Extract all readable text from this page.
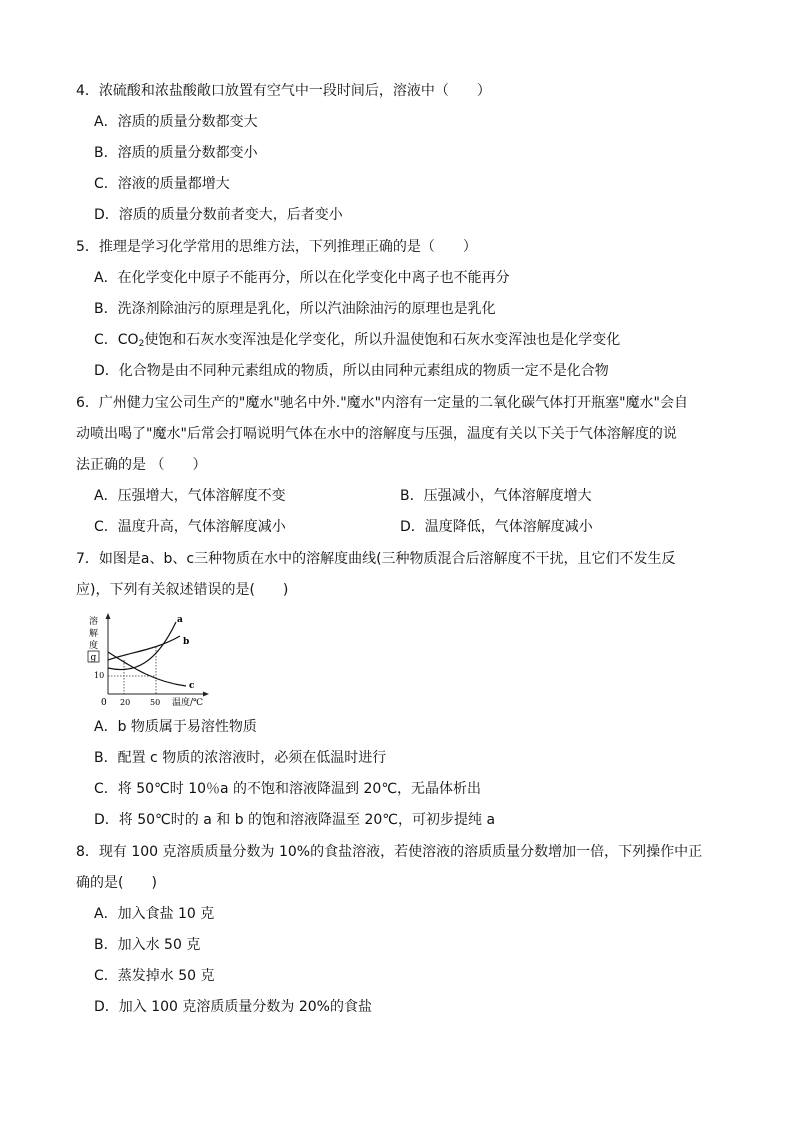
4．浓硫酸和浓盐酸敞口放置有空气中一段时间后，溶液中（　　）
A．溶质的质量分数都变大
B．溶质的质量分数都变小
C．溶液的质量都增大
D．溶质的质量分数前者变大，后者变小
5．推理是学习化学常用的思维方法，下列推理正确的是（　　）
A．在化学变化中原子不能再分，所以在化学变化中离子也不能再分
B．洗涤剂除油污的原理是乳化，所以汽油除油污的原理也是乳化
C．$CO_2$使饱和石灰水变浑浊是化学变化，所以升温使饱和石灰水变浑浊也是化学变化
D．化合物是由不同种元素组成的物质，所以由同种元素组成的物质一定不是化合物
6．广州健力宝公司生产的"魔水"驰名中外."魔水"内溶有一定量的二氧化碳气体打开瓶塞"魔水"会自
动喷出喝了"魔水"后常会打嗝说明气体在水中的溶解度与压强，温度有关以下关于气体溶解度的说
法正确的是 （　　）
A．压强增大，气体溶解度不变	B．压强减小，气体溶解度增大
C．温度升高，气体溶解度减小	D．温度降低，气体溶解度减小
7．如图是a、b、c三种物质在水中的溶解度曲线(三种物质混合后溶解度不干扰，且它们不发生反
应)，下列有关叙述错误的是(　　)
溶
解
度
g
10
0 20 50 温度/℃
a
b
c
A．b 物质属于易溶性物质
B．配置 c 物质的浓溶液时，必须在低温时进行
C．将 50℃时 10％a 的不饱和溶液降温到 20℃，无晶体析出
D．将 50℃时的 a 和 b 的饱和溶液降温至 20℃，可初步提纯 a
8．现有 100 克溶质质量分数为 10%的食盐溶液，若使溶液的溶质质量分数增加一倍，下列操作中正
确的是(　　)
A．加入食盐 10 克
B．加入水 50 克
C．蒸发掉水 50 克
D．加入 100 克溶质质量分数为 20%的食盐
